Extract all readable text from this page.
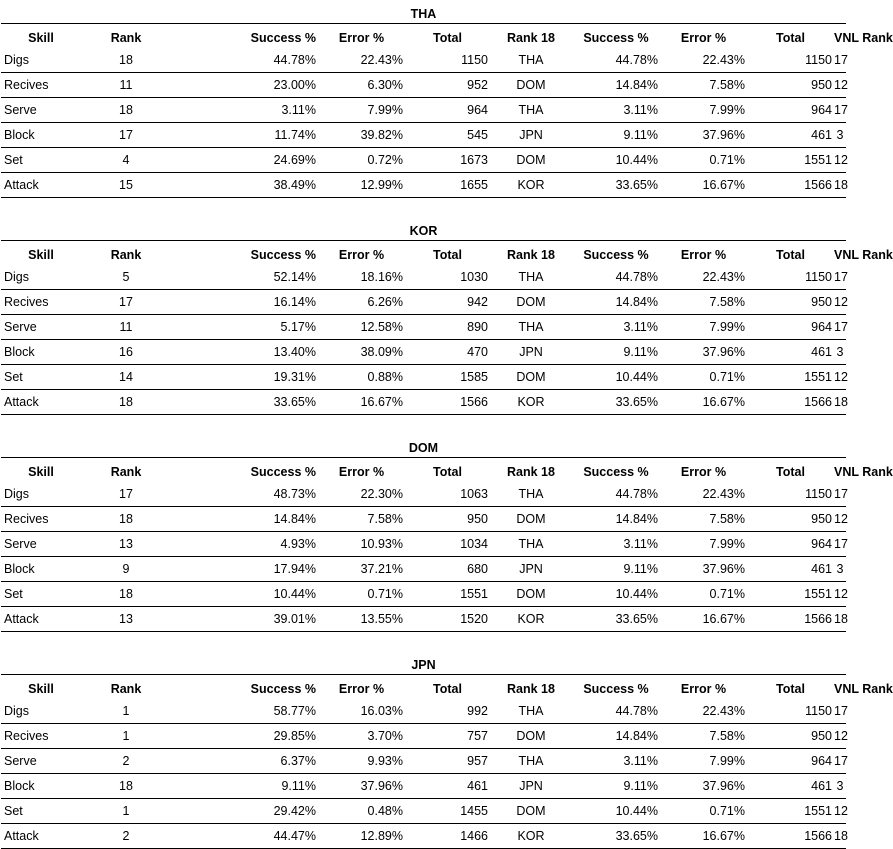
THA
Skill	Rank	Success %	Error %	Total	Rank 18	Success %	Error %	Total	VNL Rank
Digs	18	44.78%	22.43%	1150	THA	44.78%	22.43%	1150	17
Recives	11	23.00%	6.30%	952	DOM	14.84%	7.58%	950	12
Serve	18	3.11%	7.99%	964	THA	3.11%	7.99%	964	17
Block	17	11.74%	39.82%	545	JPN	9.11%	37.96%	461	3
Set	4	24.69%	0.72%	1673	DOM	10.44%	0.71%	1551	12
Attack	15	38.49%	12.99%	1655	KOR	33.65%	16.67%	1566	18
KOR
Skill	Rank	Success %	Error %	Total	Rank 18	Success %	Error %	Total	VNL Rank
Digs	5	52.14%	18.16%	1030	THA	44.78%	22.43%	1150	17
Recives	17	16.14%	6.26%	942	DOM	14.84%	7.58%	950	12
Serve	11	5.17%	12.58%	890	THA	3.11%	7.99%	964	17
Block	16	13.40%	38.09%	470	JPN	9.11%	37.96%	461	3
Set	14	19.31%	0.88%	1585	DOM	10.44%	0.71%	1551	12
Attack	18	33.65%	16.67%	1566	KOR	33.65%	16.67%	1566	18
DOM
Skill	Rank	Success %	Error %	Total	Rank 18	Success %	Error %	Total	VNL Rank
Digs	17	48.73%	22.30%	1063	THA	44.78%	22.43%	1150	17
Recives	18	14.84%	7.58%	950	DOM	14.84%	7.58%	950	12
Serve	13	4.93%	10.93%	1034	THA	3.11%	7.99%	964	17
Block	9	17.94%	37.21%	680	JPN	9.11%	37.96%	461	3
Set	18	10.44%	0.71%	1551	DOM	10.44%	0.71%	1551	12
Attack	13	39.01%	13.55%	1520	KOR	33.65%	16.67%	1566	18
JPN
Skill	Rank	Success %	Error %	Total	Rank 18	Success %	Error %	Total	VNL Rank
Digs	1	58.77%	16.03%	992	THA	44.78%	22.43%	1150	17
Recives	1	29.85%	3.70%	757	DOM	14.84%	7.58%	950	12
Serve	2	6.37%	9.93%	957	THA	3.11%	7.99%	964	17
Block	18	9.11%	37.96%	461	JPN	9.11%	37.96%	461	3
Set	1	29.42%	0.48%	1455	DOM	10.44%	0.71%	1551	12
Attack	2	44.47%	12.89%	1466	KOR	33.65%	16.67%	1566	18
